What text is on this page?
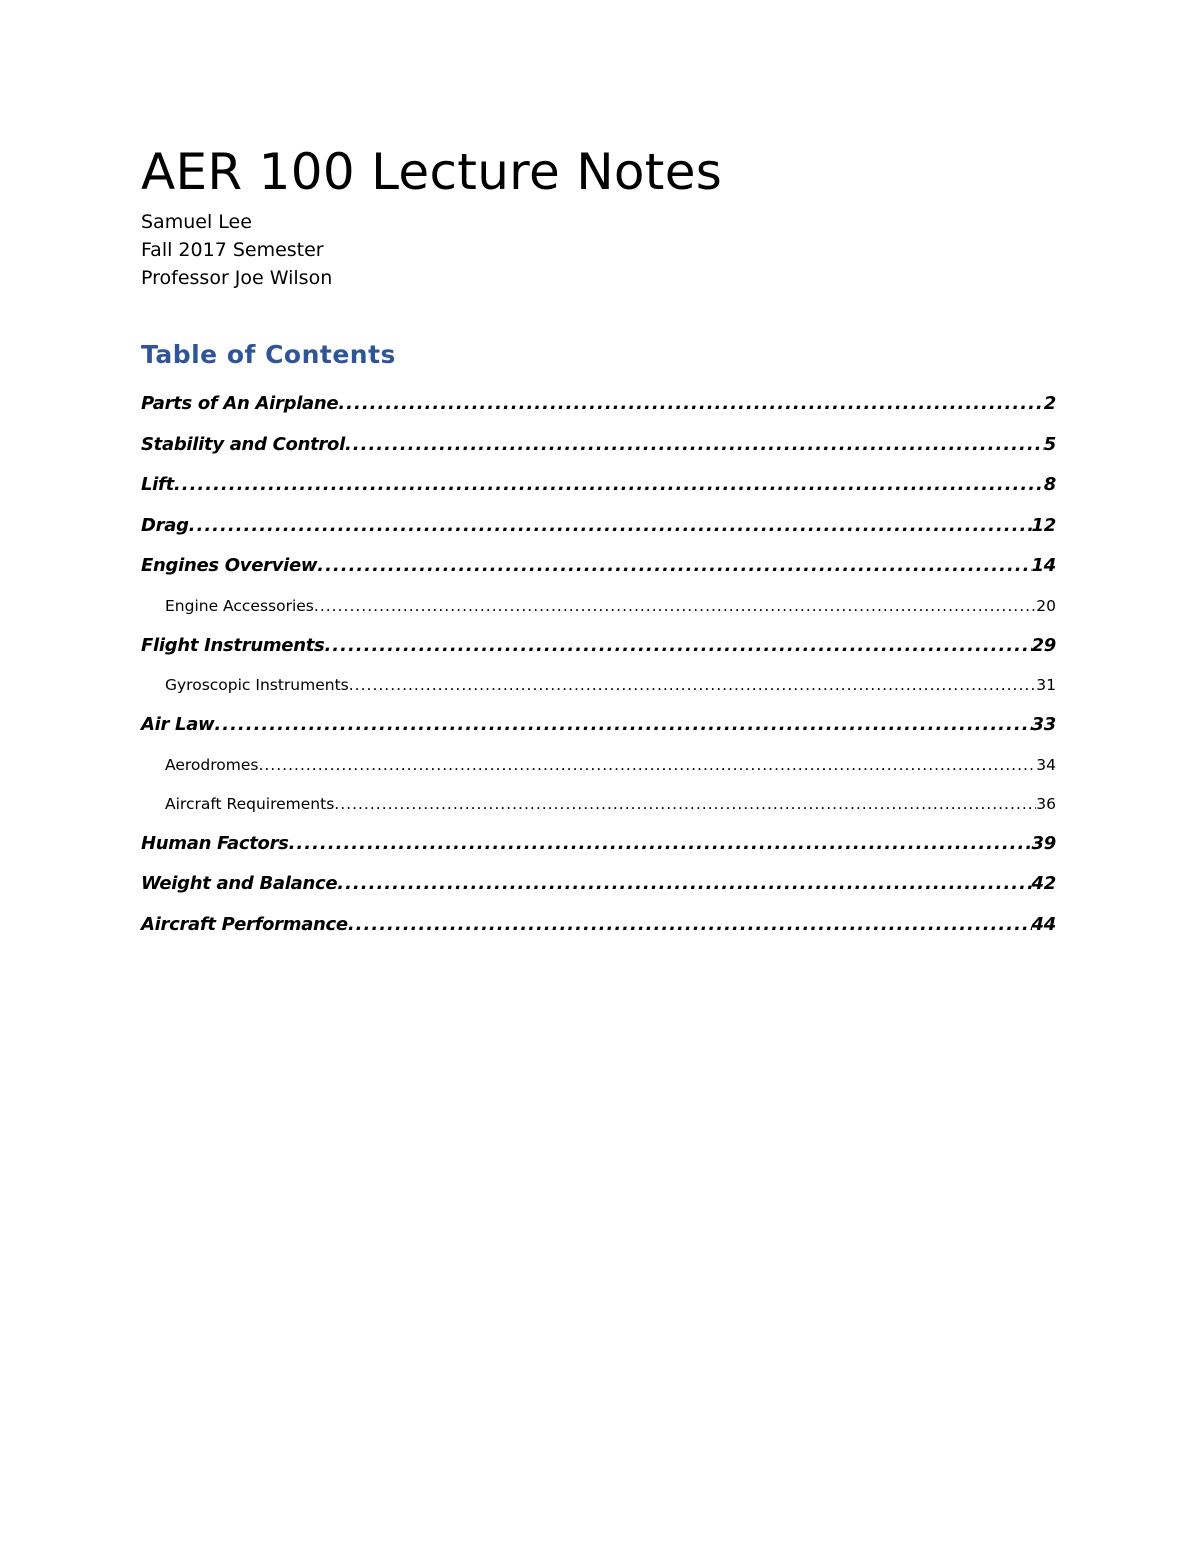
AER 100 Lecture Notes
Samuel Lee
Fall 2017 Semester
Professor Joe Wilson
Table of Contents
Parts of An Airplane .....	2
Stability and Control .....	5
Lift .....	8
Drag .....	12
Engines Overview .....	14
Engine Accessories .....	20
Flight Instruments .....	29
Gyroscopic Instruments .....	31
Air Law .....	33
Aerodromes .....	34
Aircraft Requirements .....	36
Human Factors .....	39
Weight and Balance .....	42
Aircraft Performance .....	44
